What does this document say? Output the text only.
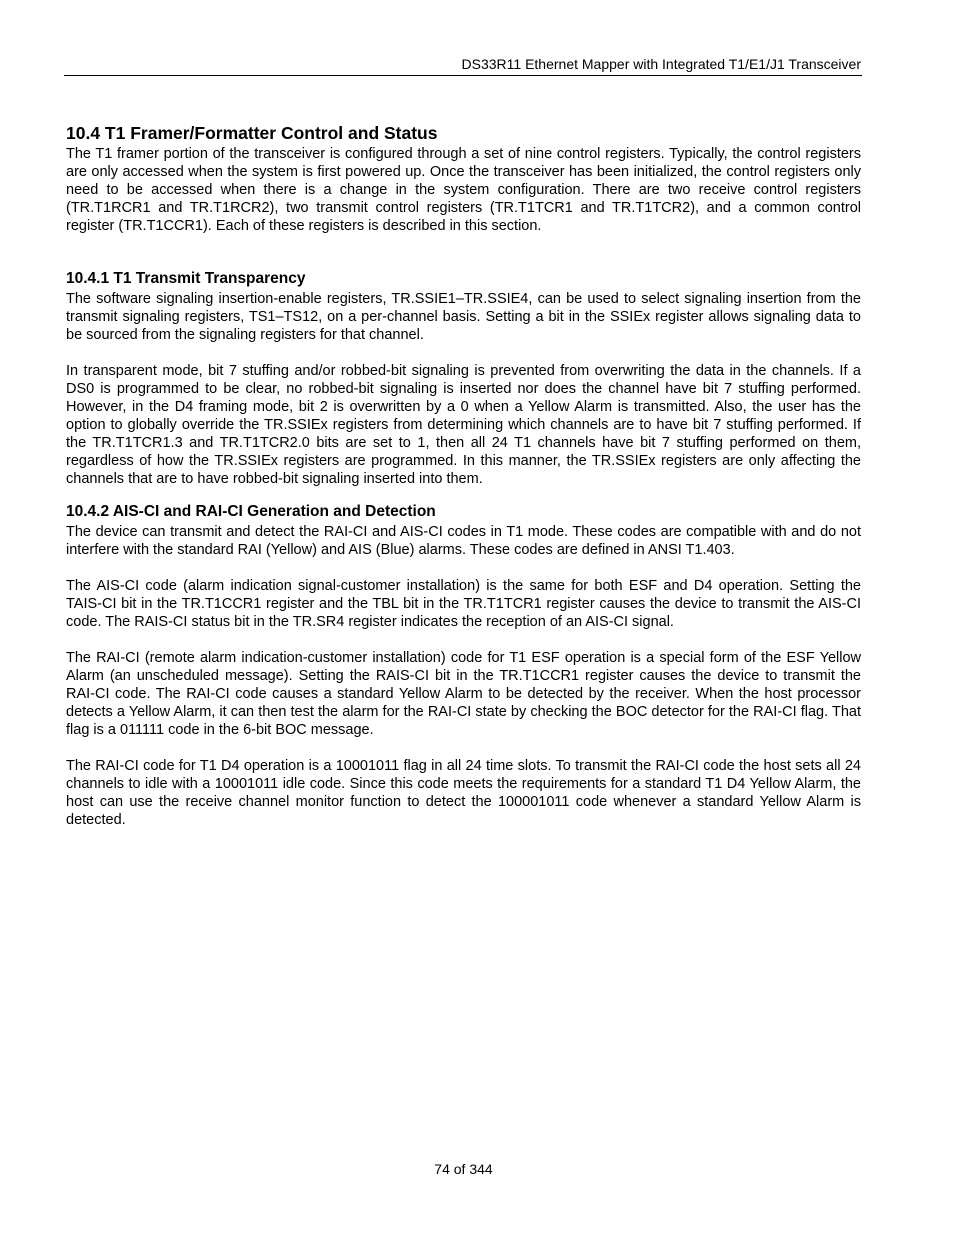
DS33R11 Ethernet Mapper with Integrated T1/E1/J1 Transceiver
10.4 T1 Framer/Formatter Control and Status

The T1 framer portion of the transceiver is configured through a set of nine control registers. Typically, the control registers are only accessed when the system is first powered up. Once the transceiver has been initialized, the control registers only need to be accessed when there is a change in the system configuration. There are two receive control registers (TR.T1RCR1 and TR.T1RCR2), two transmit control registers (TR.T1TCR1 and TR.T1TCR2), and a common control register (TR.T1CCR1). Each of these registers is described in this section.

10.4.1 T1 Transmit Transparency

The software signaling insertion-enable registers, TR.SSIE1–TR.SSIE4, can be used to select signaling insertion from the transmit signaling registers, TS1–TS12, on a per-channel basis. Setting a bit in the SSIEx register allows signaling data to be sourced from the signaling registers for that channel.

In transparent mode, bit 7 stuffing and/or robbed-bit signaling is prevented from overwriting the data in the channels. If a DS0 is programmed to be clear, no robbed-bit signaling is inserted nor does the channel have bit 7 stuffing performed. However, in the D4 framing mode, bit 2 is overwritten by a 0 when a Yellow Alarm is transmitted. Also, the user has the option to globally override the TR.SSIEx registers from determining which channels are to have bit 7 stuffing performed. If the TR.T1TCR1.3 and TR.T1TCR2.0 bits are set to 1, then all 24 T1 channels have bit 7 stuffing performed on them, regardless of how the TR.SSIEx registers are programmed. In this manner, the TR.SSIEx registers are only affecting the channels that are to have robbed-bit signaling inserted into them.

10.4.2 AIS-CI and RAI-CI Generation and Detection

The device can transmit and detect the RAI-CI and AIS-CI codes in T1 mode. These codes are compatible with and do not interfere with the standard RAI (Yellow) and AIS (Blue) alarms. These codes are defined in ANSI T1.403.

The AIS-CI code (alarm indication signal-customer installation) is the same for both ESF and D4 operation. Setting the TAIS-CI bit in the TR.T1CCR1 register and the TBL bit in the TR.T1TCR1 register causes the device to transmit the AIS-CI code. The RAIS-CI status bit in the TR.SR4 register indicates the reception of an AIS-CI signal.

The RAI-CI (remote alarm indication-customer installation) code for T1 ESF operation is a special form of the ESF Yellow Alarm (an unscheduled message). Setting the RAIS-CI bit in the TR.T1CCR1 register causes the device to transmit the RAI-CI code. The RAI-CI code causes a standard Yellow Alarm to be detected by the receiver. When the host processor detects a Yellow Alarm, it can then test the alarm for the RAI-CI state by checking the BOC detector for the RAI-CI flag. That flag is a 011111 code in the 6-bit BOC message.

The RAI-CI code for T1 D4 operation is a 10001011 flag in all 24 time slots. To transmit the RAI-CI code the host sets all 24 channels to idle with a 10001011 idle code. Since this code meets the requirements for a standard T1 D4 Yellow Alarm, the host can use the receive channel monitor function to detect the 100001011 code whenever a standard Yellow Alarm is detected.

74 of 344
